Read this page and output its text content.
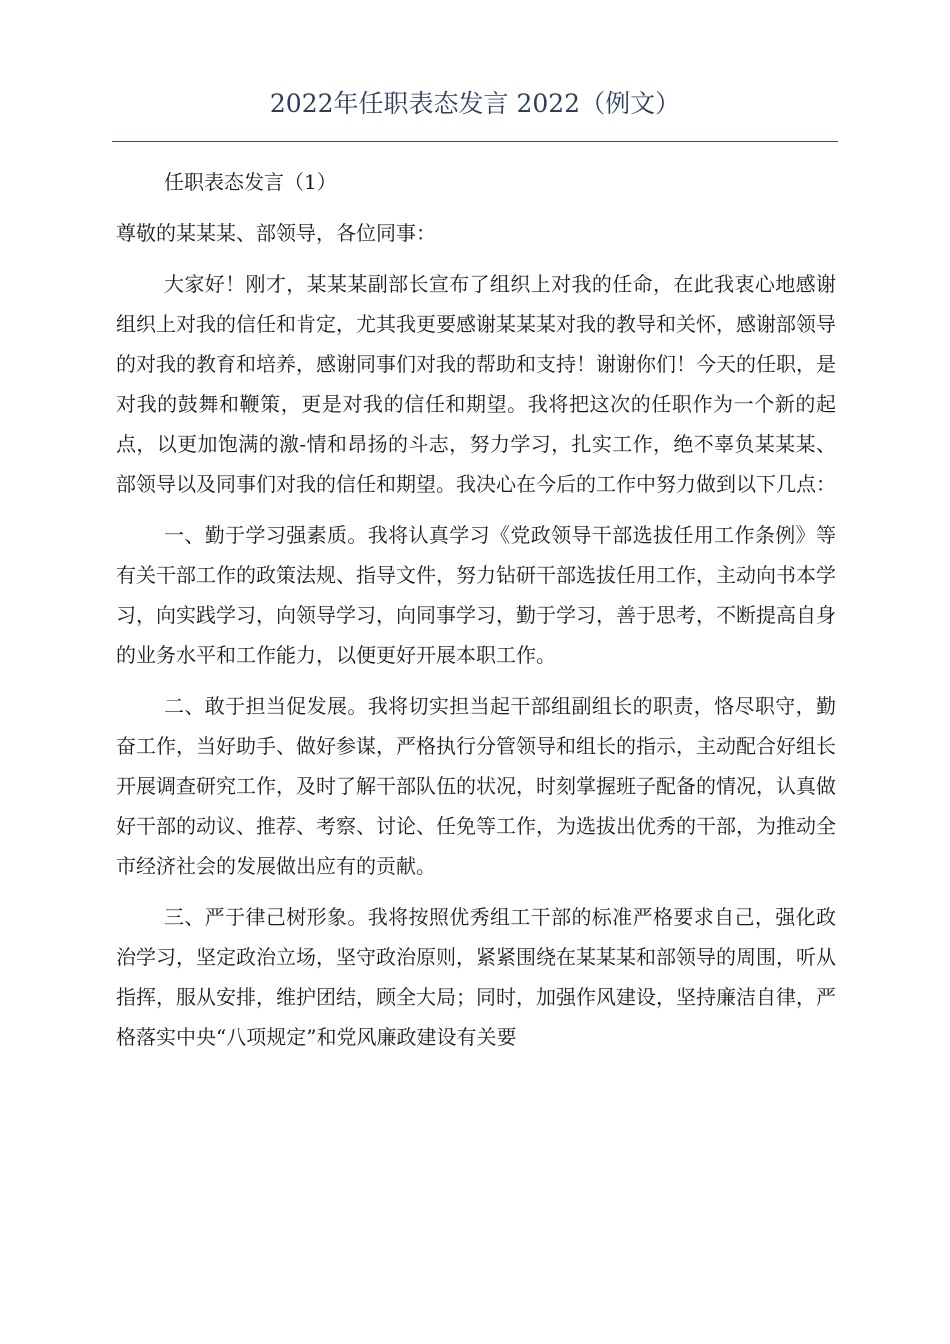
2022年任职表态发言 2022（例文）

任职表态发言（1）

尊敬的某某某、部领导，各位同事：

大家好！刚才，某某某副部长宣布了组织上对我的任命，在此我衷心地感谢组织上对我的信任和肯定，尤其我更要感谢某某某对我的教导和关怀，感谢部领导的对我的教育和培养，感谢同事们对我的帮助和支持！谢谢你们！今天的任职，是对我的鼓舞和鞭策，更是对我的信任和期望。我将把这次的任职作为一个新的起点，以更加饱满的激-情和昂扬的斗志，努力学习，扎实工作，绝不辜负某某某、部领导以及同事们对我的信任和期望。我决心在今后的工作中努力做到以下几点：

一、勤于学习强素质。我将认真学习《党政领导干部选拔任用工作条例》等有关干部工作的政策法规、指导文件，努力钻研干部选拔任用工作，主动向书本学习，向实践学习，向领导学习，向同事学习，勤于学习，善于思考，不断提高自身的业务水平和工作能力，以便更好开展本职工作。

二、敢于担当促发展。我将切实担当起干部组副组长的职责，恪尽职守，勤奋工作，当好助手、做好参谋，严格执行分管领导和组长的指示，主动配合好组长开展调查研究工作，及时了解干部队伍的状况，时刻掌握班子配备的情况，认真做好干部的动议、推荐、考察、讨论、任免等工作，为选拔出优秀的干部，为推动全市经济社会的发展做出应有的贡献。

三、严于律己树形象。我将按照优秀组工干部的标准严格要求自己，强化政治学习，坚定政治立场，坚守政治原则，紧紧围绕在某某某和部领导的周围，听从指挥，服从安排，维护团结，顾全大局；同时，加强作风建设，坚持廉洁自律，严格落实中央“八项规定”和党风廉政建设有关要
